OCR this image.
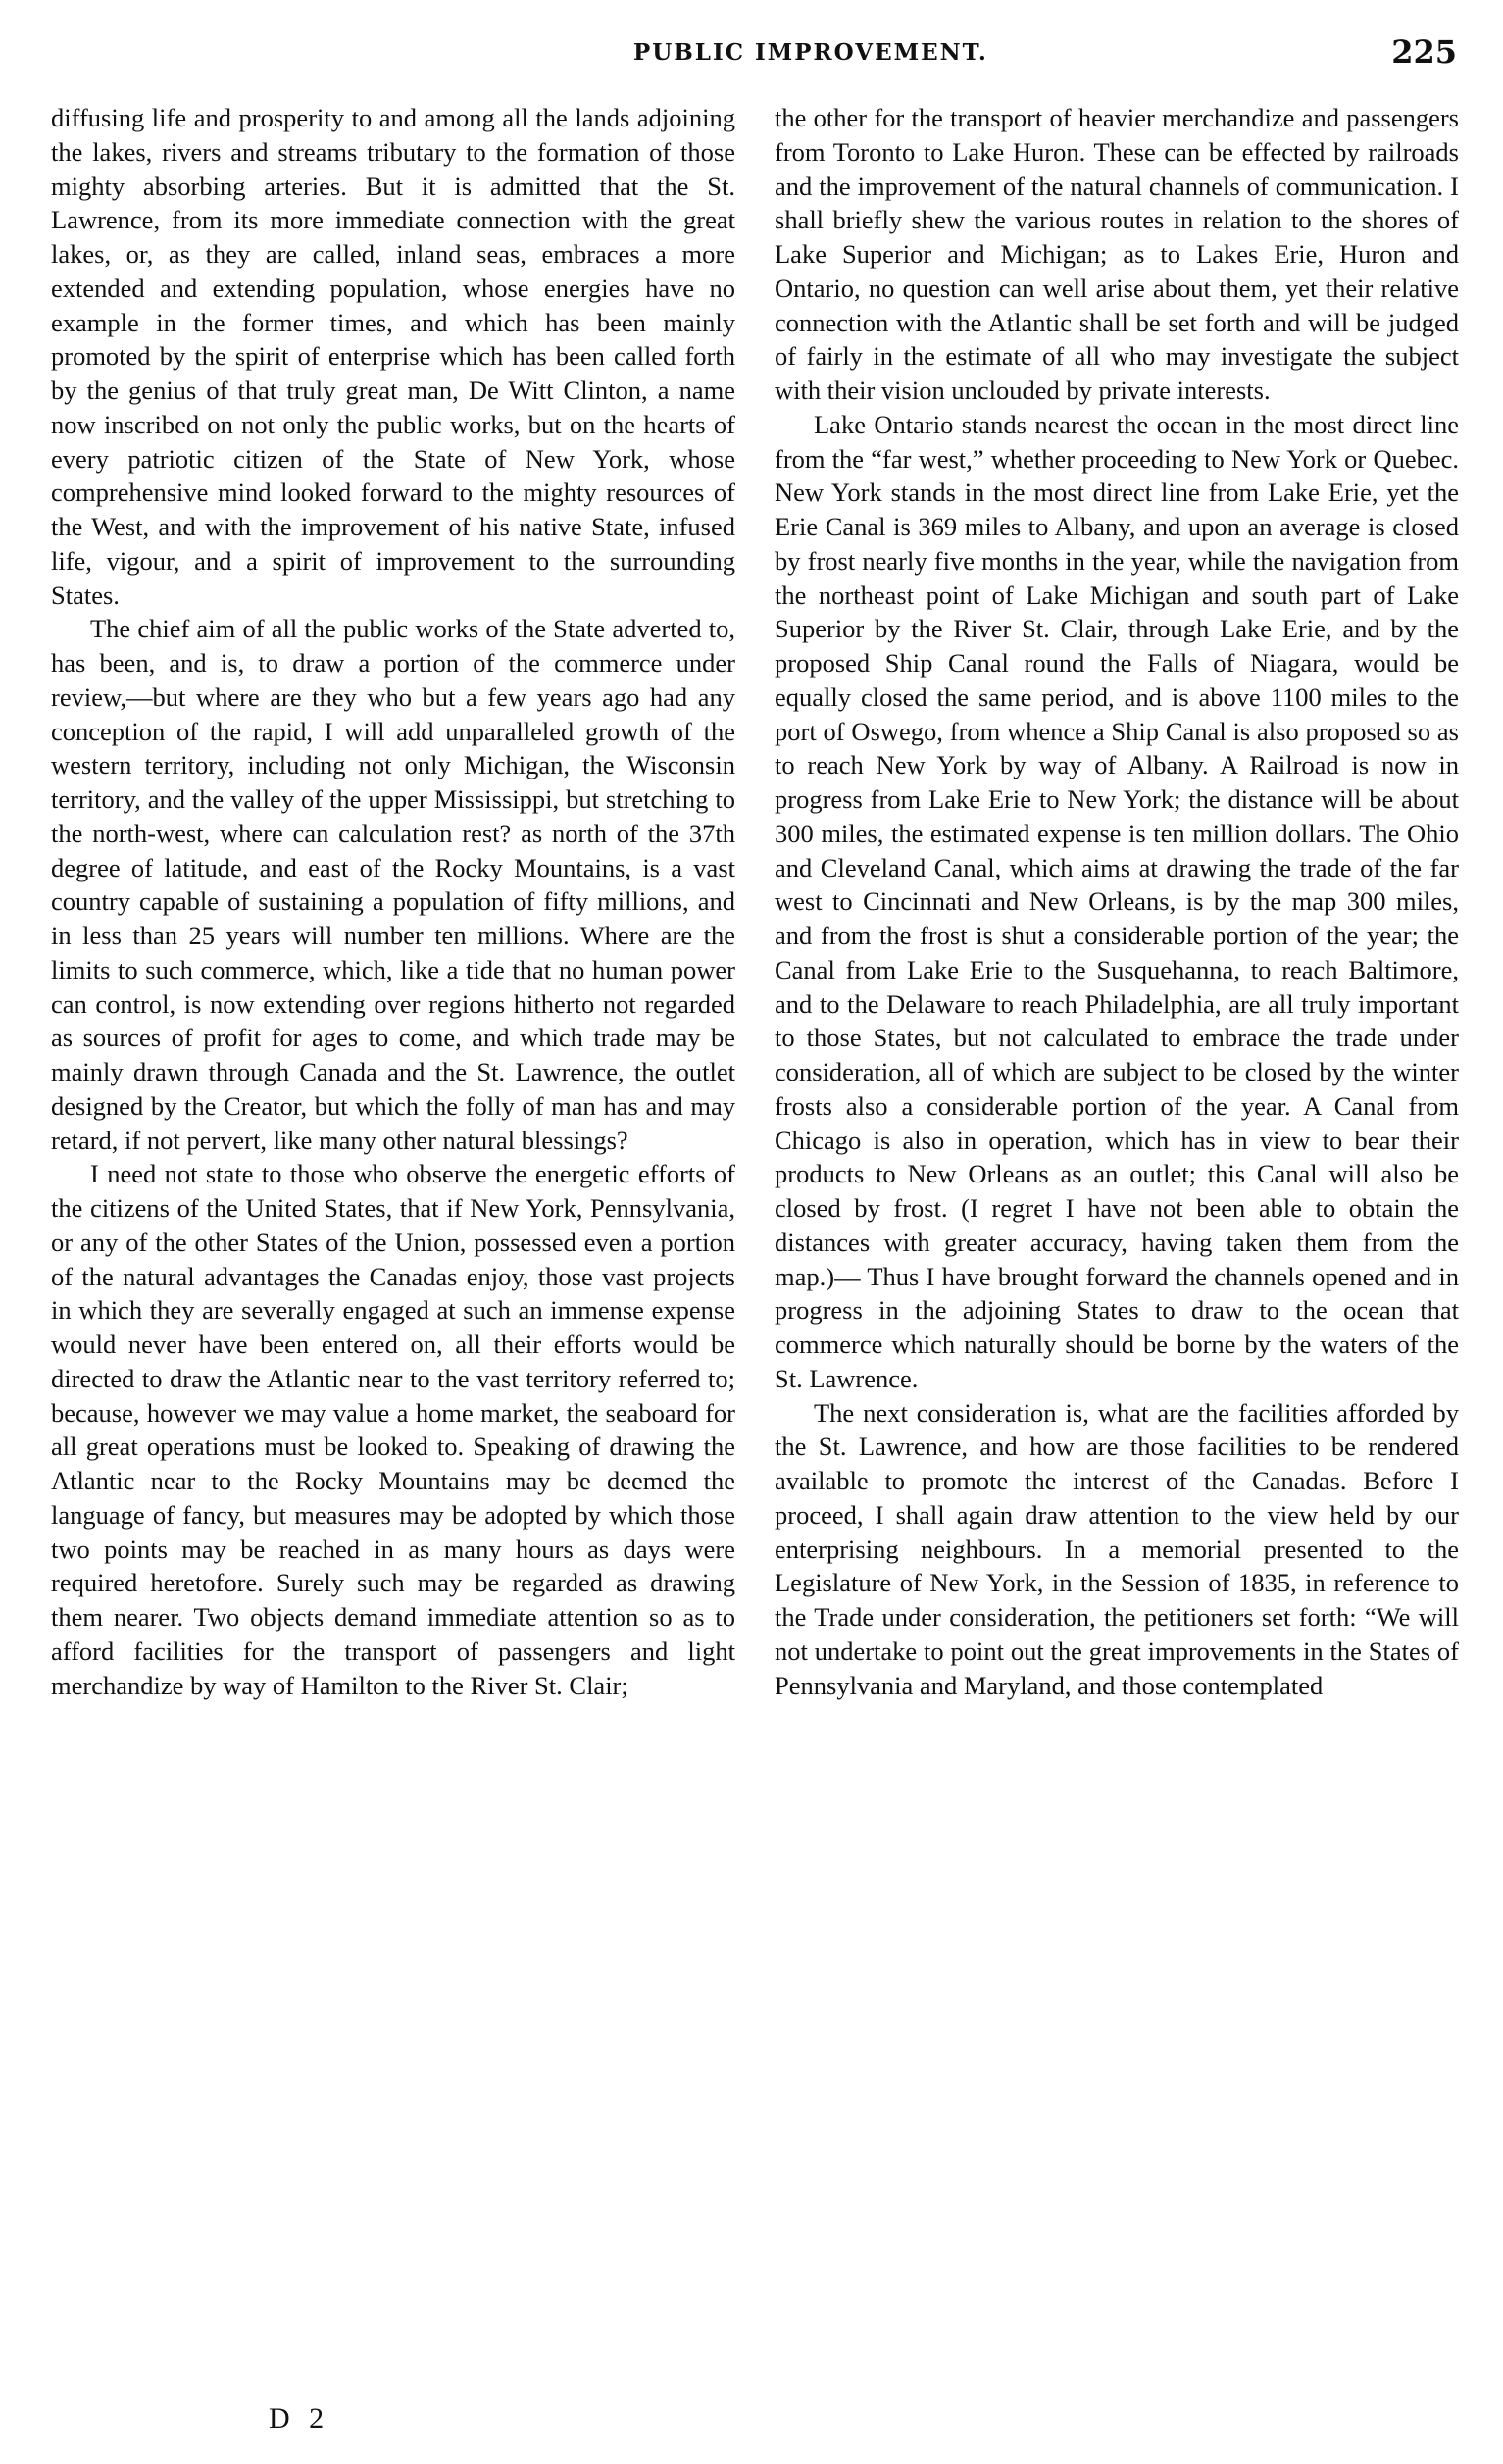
PUBLIC IMPROVEMENT.	225

diffusing life and prosperity to and among all the lands adjoining the lakes, rivers and streams tributary to the formation of those mighty absorbing arteries. But it is admitted that the St. Lawrence, from its more immediate connection with the great lakes, or, as they are called, inland seas, embraces a more extended and extending population, whose energies have no example in the former times, and which has been mainly promoted by the spirit of enterprise which has been called forth by the genius of that truly great man, De Witt Clinton, a name now inscribed on not only the public works, but on the hearts of every patriotic citizen of the State of New York, whose comprehensive mind looked forward to the mighty resources of the West, and with the improvement of his native State, infused life, vigour, and a spirit of improvement to the surrounding States.

The chief aim of all the public works of the State adverted to, has been, and is, to draw a portion of the commerce under review,—but where are they who but a few years ago had any conception of the rapid, I will add unparalleled growth of the western territory, including not only Michigan, the Wisconsin territory, and the valley of the upper Mississippi, but stretching to the north-west, where can calculation rest? as north of the 37th degree of latitude, and east of the Rocky Mountains, is a vast country capable of sustaining a population of fifty millions, and in less than 25 years will number ten millions. Where are the limits to such commerce, which, like a tide that no human power can control, is now extending over regions hitherto not regarded as sources of profit for ages to come, and which trade may be mainly drawn through Canada and the St. Lawrence, the outlet designed by the Creator, but which the folly of man has and may retard, if not pervert, like many other natural blessings?

I need not state to those who observe the energetic efforts of the citizens of the United States, that if New York, Pennsylvania, or any of the other States of the Union, possessed even a portion of the natural advantages the Canadas enjoy, those vast projects in which they are severally engaged at such an immense expense would never have been entered on, all their efforts would be directed to draw the Atlantic near to the vast territory referred to; because, however we may value a home market, the seaboard for all great operations must be looked to. Speaking of drawing the Atlantic near to the Rocky Mountains may be deemed the language of fancy, but measures may be adopted by which those two points may be reached in as many hours as days were required heretofore. Surely such may be regarded as drawing them nearer. Two objects demand immediate attention so as to afford facilities for the transport of passengers and light merchandize by way of Hamilton to the River St. Clair;

the other for the transport of heavier merchandize and passengers from Toronto to Lake Huron. These can be effected by railroads and the improvement of the natural channels of communication. I shall briefly shew the various routes in relation to the shores of Lake Superior and Michigan; as to Lakes Erie, Huron and Ontario, no question can well arise about them, yet their relative connection with the Atlantic shall be set forth and will be judged of fairly in the estimate of all who may investigate the subject with their vision unclouded by private interests.

Lake Ontario stands nearest the ocean in the most direct line from the “far west,” whether proceeding to New York or Quebec. New York stands in the most direct line from Lake Erie, yet the Erie Canal is 369 miles to Albany, and upon an average is closed by frost nearly five months in the year, while the navigation from the northeast point of Lake Michigan and south part of Lake Superior by the River St. Clair, through Lake Erie, and by the proposed Ship Canal round the Falls of Niagara, would be equally closed the same period, and is above 1100 miles to the port of Oswego, from whence a Ship Canal is also proposed so as to reach New York by way of Albany. A Railroad is now in progress from Lake Erie to New York; the distance will be about 300 miles, the estimated expense is ten million dollars. The Ohio and Cleveland Canal, which aims at drawing the trade of the far west to Cincinnati and New Orleans, is by the map 300 miles, and from the frost is shut a considerable portion of the year; the Canal from Lake Erie to the Susquehanna, to reach Baltimore, and to the Delaware to reach Philadelphia, are all truly important to those States, but not calculated to embrace the trade under consideration, all of which are subject to be closed by the winter frosts also a considerable portion of the year. A Canal from Chicago is also in operation, which has in view to bear their products to New Orleans as an outlet; this Canal will also be closed by frost. (I regret I have not been able to obtain the distances with greater accuracy, having taken them from the map.)— Thus I have brought forward the channels opened and in progress in the adjoining States to draw to the ocean that commerce which naturally should be borne by the waters of the St. Lawrence.

The next consideration is, what are the facilities afforded by the St. Lawrence, and how are those facilities to be rendered available to promote the interest of the Canadas. Before I proceed, I shall again draw attention to the view held by our enterprising neighbours. In a memorial presented to the Legislature of New York, in the Session of 1835, in reference to the Trade under consideration, the petitioners set forth: “We will not undertake to point out the great improvements in the States of Pennsylvania and Maryland, and those contemplated

D 2
